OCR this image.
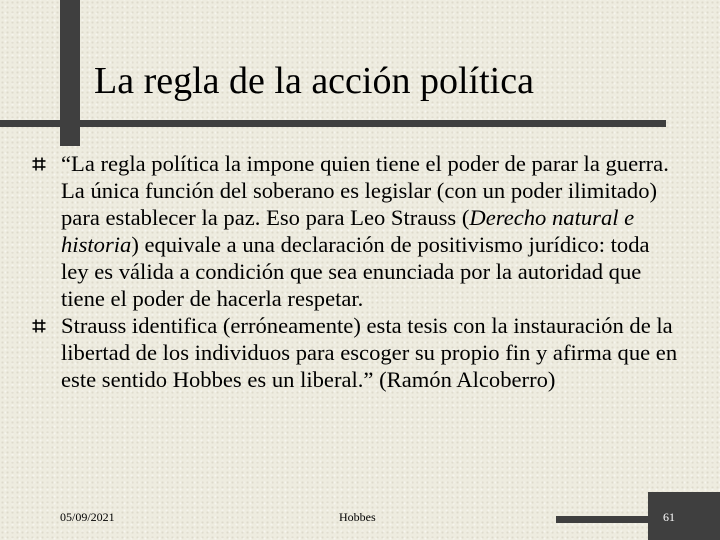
La regla de la acción política
“La regla política la impone quien tiene el poder de parar la guerra. La única función del soberano es legislar (con un poder ilimitado) para establecer la paz. Eso para Leo Strauss (Derecho natural e historia) equivale a una declaración de positivismo jurídico: toda ley es válida a condición que sea enunciada por la autoridad que tiene el poder de hacerla respetar.
Strauss identifica (erróneamente) esta tesis con la instauración de la libertad de los individuos para escoger su propio fin y afirma que en este sentido Hobbes es un liberal.” (Ramón Alcoberro)
05/09/2021	Hobbes	61
